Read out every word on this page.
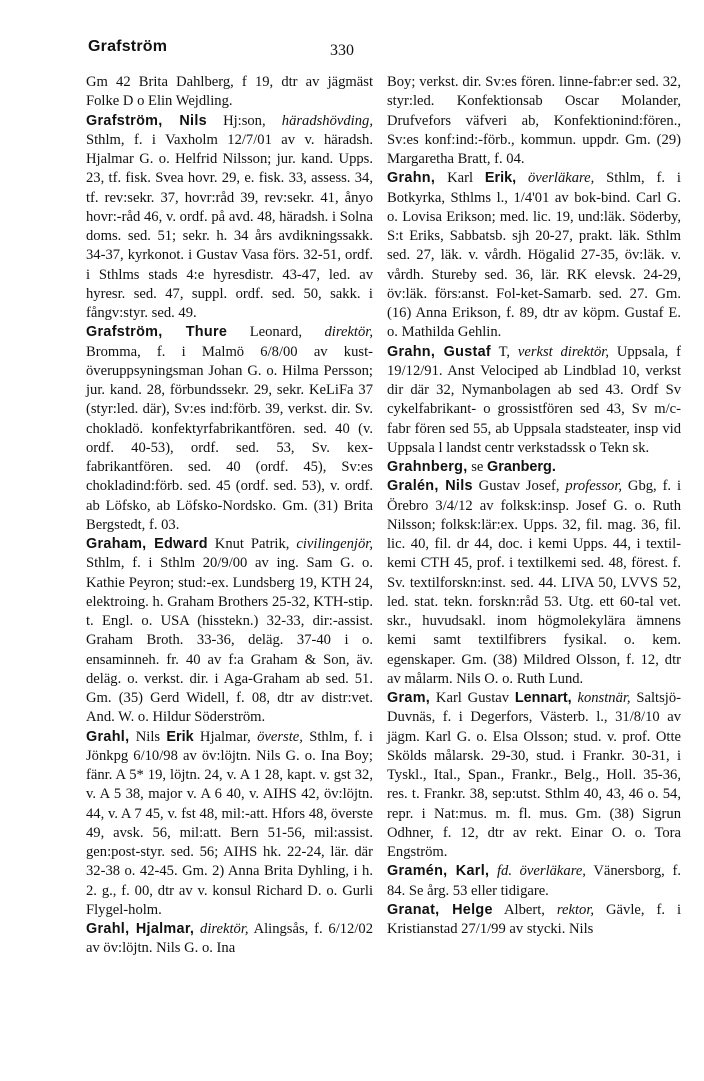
Grafström	330

Gm 42 Brita Dahlberg, f 19, dtr av jägmäst Folke D o Elin Wejdling.

Grafström, Nils Hj:son, häradshövding, Sthlm, f. i Vaxholm 12/7/01 av v. häradsh. Hjalmar G. o. Helfrid Nilsson; jur. kand. Upps. 23, tf. fisk. Svea hovr. 29, e. fisk. 33, assess. 34, tf. rev:sekr. 37, hovr:råd 39, rev:sekr. 41, ånyo hovr:-råd 46, v. ordf. på avd. 48, häradsh. i Solna doms. sed. 51; sekr. h. 34 års avdikningssakk. 34-37, kyrkonot. i Gustav Vasa förs. 32-51, ordf. i Sthlms stads 4:e hyresdistr. 43-47, led. av hyresr. sed. 47, suppl. ordf. sed. 50, sakk. i fångv:styr. sed. 49.

Grafström, Thure Leonard, direktör, Bromma, f. i Malmö 6/8/00 av kust-överuppsyningsman Johan G. o. Hilma Persson; jur. kand. 28, förbundssekr. 29, sekr. KeLiFa 37 (styr:led. där), Sv:es ind:förb. 39, verkst. dir. Sv. chokladö. konfektyrfabrikantfören. sed. 40 (v. ordf. 40-53), ordf. sed. 53, Sv. kex-fabrikantfören. sed. 40 (ordf. 45), Sv:es chokladind:förb. sed. 45 (ordf. sed. 53), v. ordf. ab Löfsko, ab Löfsko-Nordsko. Gm. (31) Brita Bergstedt, f. 03.

Graham, Edward Knut Patrik, civilingenjör, Sthlm, f. i Sthlm 20/9/00 av ing. Sam G. o. Kathie Peyron; stud:-ex. Lundsberg 19, KTH 24, elektroing. h. Graham Brothers 25-32, KTH-stip. t. Engl. o. USA (hisstekn.) 32-33, dir:-assist. Graham Broth. 33-36, deläg. 37-40 i o. ensaminneh. fr. 40 av f:a Graham & Son, äv. deläg. o. verkst. dir. i Aga-Graham ab sed. 51. Gm. (35) Gerd Widell, f. 08, dtr av distr:vet. And. W. o. Hildur Söderström.

Grahl, Nils Erik Hjalmar, överste, Sthlm, f. i Jönkpg 6/10/98 av öv:löjtn. Nils G. o. Ina Boy; fänr. A 5* 19, löjtn. 24, v. A 1 28, kapt. v. gst 32, v. A 5 38, major v. A 6 40, v. AIHS 42, öv:löjtn. 44, v. A 7 45, v. fst 48, mil:-att. Hfors 48, överste 49, avsk. 56, mil:att. Bern 51-56, mil:assist. gen:post-styr. sed. 56; AIHS hk. 22-24, lär. där 32-38 o. 42-45. Gm. 2) Anna Brita Dyhling, i h. 2. g., f. 00, dtr av v. konsul Richard D. o. Gurli Flygel-holm.

Grahl, Hjalmar, direktör, Alingsås, f. 6/12/02 av öv:löjtn. Nils G. o. Ina

Boy; verkst. dir. Sv:es fören. linne-fabr:er sed. 32, styr:led. Konfektionsab Oscar Molander, Drufvefors väfveri ab, Konfektionind:fören., Sv:es konf:ind:-förb., kommun. uppdr. Gm. (29) Margaretha Bratt, f. 04.

Grahn, Karl Erik, överläkare, Sthlm, f. i Botkyrka, Sthlms l., 1/4'01 av bok-bind. Carl G. o. Lovisa Erikson; med. lic. 19, und:läk. Söderby, S:t Eriks, Sabbatsb. sjh 20-27, prakt. läk. Sthlm sed. 27, läk. v. vårdh. Högalid 27-35, öv:läk. v. vårdh. Stureby sed. 36, lär. RK elevsk. 24-29, öv:läk. förs:anst. Fol-ket-Samarb. sed. 27. Gm. (16) Anna Erikson, f. 89, dtr av köpm. Gustaf E. o. Mathilda Gehlin.

Grahn, Gustaf T, verkst direktör, Uppsala, f 19/12/91. Anst Velociped ab Lindblad 10, verkst dir där 32, Nymanbolagen ab sed 43. Ordf Sv cykelfabrikant- o grossistfören sed 43, Sv m/c-fabr fören sed 55, ab Uppsala stadsteater, insp vid Uppsala l landst centr verkstadssk o Tekn sk.

Grahnberg, se Granberg.

Gralén, Nils Gustav Josef, professor, Gbg, f. i Örebro 3/4/12 av folksk:insp. Josef G. o. Ruth Nilsson; folksk:lär:ex. Upps. 32, fil. mag. 36, fil. lic. 40, fil. dr 44, doc. i kemi Upps. 44, i textil-kemi CTH 45, prof. i textilkemi sed. 48, förest. f. Sv. textilforskn:inst. sed. 44. LIVA 50, LVVS 52, led. stat. tekn. forskn:råd 53. Utg. ett 60-tal vet. skr., huvudsakl. inom högmolekylära ämnens kemi samt textilfibrers fysikal. o. kem. egenskaper. Gm. (38) Mildred Olsson, f. 12, dtr av målarm. Nils O. o. Ruth Lund.

Gram, Karl Gustav Lennart, konstnär, Saltsjö-Duvnäs, f. i Degerfors, Västerb. l., 31/8/10 av jägm. Karl G. o. Elsa Olsson; stud. v. prof. Otte Skölds målarsk. 29-30, stud. i Frankr. 30-31, i Tyskl., Ital., Span., Frankr., Belg., Holl. 35-36, res. t. Frankr. 38, sep:utst. Sthlm 40, 43, 46 o. 54, repr. i Nat:mus. m. fl. mus. Gm. (38) Sigrun Odhner, f. 12, dtr av rekt. Einar O. o. Tora Engström.

Gramén, Karl, fd. överläkare, Vänersborg, f. 84. Se årg. 53 eller tidigare.

Granat, Helge Albert, rektor, Gävle, f. i Kristianstad 27/1/99 av stycki. Nils
